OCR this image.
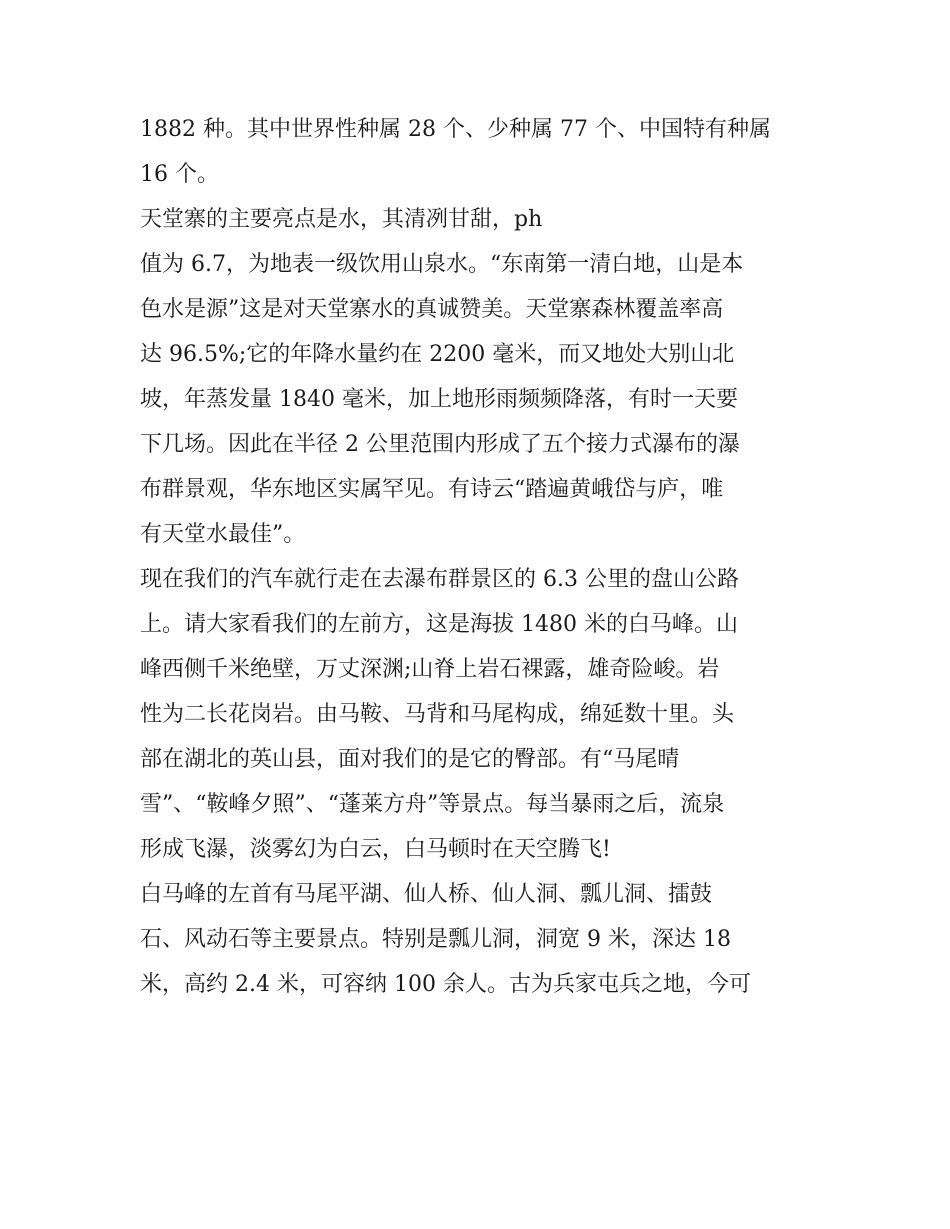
1882 种。其中世界性种属 28 个、少种属 77 个、中国特有种属
16 个。
天堂寨的主要亮点是水，其清冽甘甜，ph
值为 6.7，为地表一级饮用山泉水。“东南第一清白地，山是本
色水是源”这是对天堂寨水的真诚赞美。天堂寨森林覆盖率高
达 96.5%;它的年降水量约在 2200 毫米，而又地处大别山北
坡，年蒸发量 1840 毫米，加上地形雨频频降落，有时一天要
下几场。因此在半径 2 公里范围内形成了五个接力式瀑布的瀑
布群景观，华东地区实属罕见。有诗云“踏遍黄峨岱与庐，唯
有天堂水最佳”。
现在我们的汽车就行走在去瀑布群景区的 6.3 公里的盘山公路
上。请大家看我们的左前方，这是海拔 1480 米的白马峰。山
峰西侧千米绝壁，万丈深渊;山脊上岩石裸露，雄奇险峻。岩
性为二长花岗岩。由马鞍、马背和马尾构成，绵延数十里。头
部在湖北的英山县，面对我们的是它的臀部。有“马尾晴
雪”、“鞍峰夕照”、“蓬莱方舟”等景点。每当暴雨之后，流泉
形成飞瀑，淡雾幻为白云，白马顿时在天空腾飞!
白马峰的左首有马尾平湖、仙人桥、仙人洞、瓢儿洞、擂鼓
石、风动石等主要景点。特别是瓢儿洞，洞宽 9 米，深达 18
米，高约 2.4 米，可容纳 100 余人。古为兵家屯兵之地，今可
